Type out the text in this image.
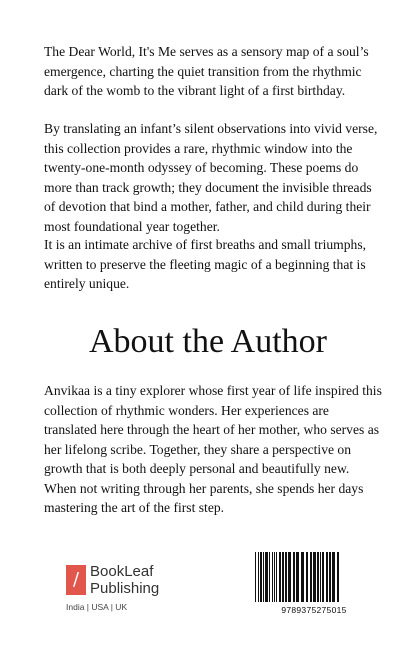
The Dear World, It's Me serves as a sensory map of a soul’s emergence, charting the quiet transition from the rhythmic dark of the womb to the vibrant light of a first birthday.

By translating an infant’s silent observations into vivid verse, this collection provides a rare, rhythmic window into the twenty-one-month odyssey of becoming. These poems do more than track growth; they document the invisible threads of devotion that bind a mother, father, and child during their most foundational year together.

It is an intimate archive of first breaths and small triumphs, written to preserve the fleeting magic of a beginning that is entirely unique.

About the Author

Anvikaa is a tiny explorer whose first year of life inspired this collection of rhythmic wonders. Her experiences are translated here through the heart of her mother, who serves as her lifelong scribe. Together, they share a perspective on growth that is both deeply personal and beautifully new. When not writing through her parents, she spends her days mastering the art of the first step.

/ BookLeaf
Publishing
India | USA | UK	9789375275015
